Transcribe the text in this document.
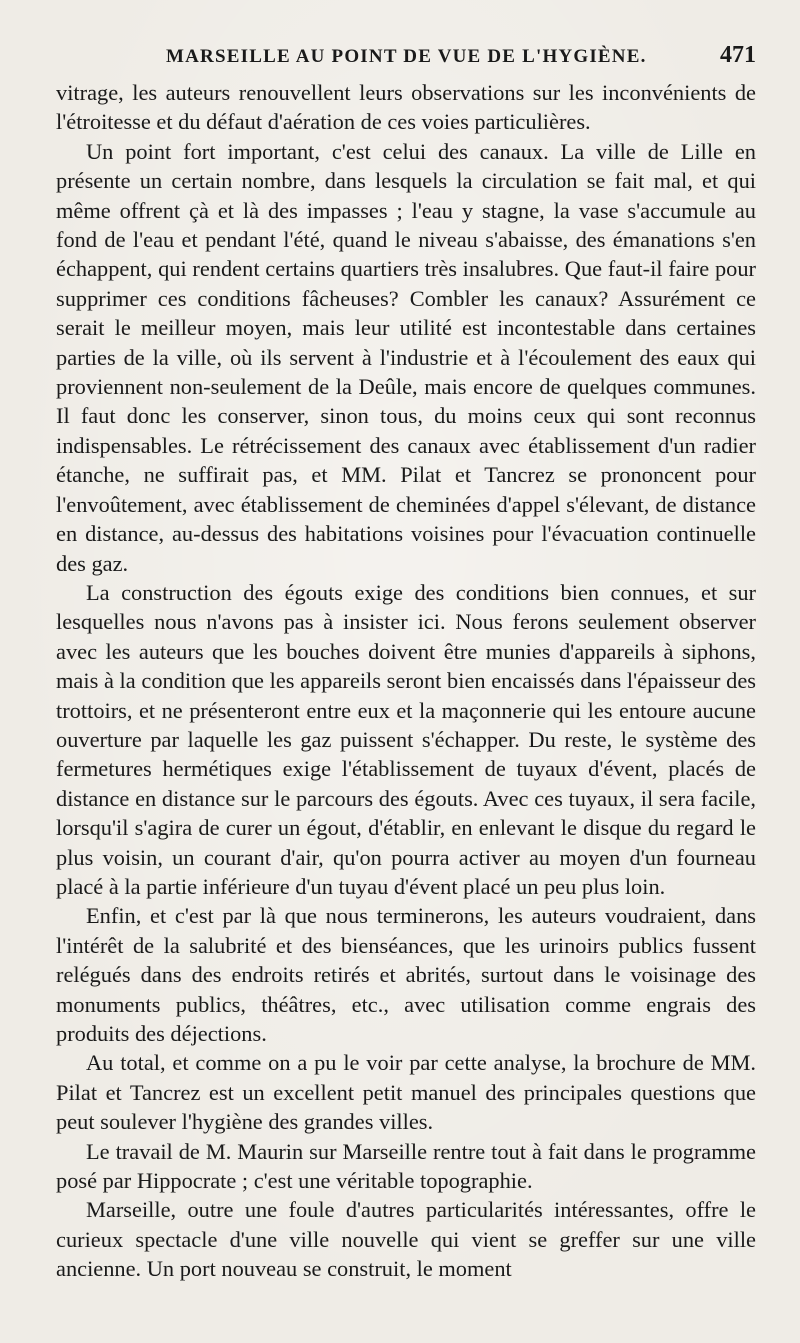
MARSEILLE AU POINT DE VUE DE L'HYGIÈNE.	471

vitrage, les auteurs renouvellent leurs observations sur les inconvénients de l'étroitesse et du défaut d'aération de ces voies particulières.

Un point fort important, c'est celui des canaux. La ville de Lille en présente un certain nombre, dans lesquels la circulation se fait mal, et qui même offrent çà et là des impasses ; l'eau y stagne, la vase s'accumule au fond de l'eau et pendant l'été, quand le niveau s'abaisse, des émanations s'en échappent, qui rendent certains quartiers très insalubres. Que faut-il faire pour supprimer ces conditions fâcheuses? Combler les canaux? Assurément ce serait le meilleur moyen, mais leur utilité est incontestable dans certaines parties de la ville, où ils servent à l'industrie et à l'écoulement des eaux qui proviennent non-seulement de la Deûle, mais encore de quelques communes. Il faut donc les conserver, sinon tous, du moins ceux qui sont reconnus indispensables. Le rétrécissement des canaux avec établissement d'un radier étanche, ne suffirait pas, et MM. Pilat et Tancrez se prononcent pour l'envoûtement, avec établissement de cheminées d'appel s'élevant, de distance en distance, au-dessus des habitations voisines pour l'évacuation continuelle des gaz.

La construction des égouts exige des conditions bien connues, et sur lesquelles nous n'avons pas à insister ici. Nous ferons seulement observer avec les auteurs que les bouches doivent être munies d'appareils à siphons, mais à la condition que les appareils seront bien encaissés dans l'épaisseur des trottoirs, et ne présenteront entre eux et la maçonnerie qui les entoure aucune ouverture par laquelle les gaz puissent s'échapper. Du reste, le système des fermetures hermétiques exige l'établissement de tuyaux d'évent, placés de distance en distance sur le parcours des égouts. Avec ces tuyaux, il sera facile, lorsqu'il s'agira de curer un égout, d'établir, en enlevant le disque du regard le plus voisin, un courant d'air, qu'on pourra activer au moyen d'un fourneau placé à la partie inférieure d'un tuyau d'évent placé un peu plus loin.

Enfin, et c'est par là que nous terminerons, les auteurs voudraient, dans l'intérêt de la salubrité et des bienséances, que les urinoirs publics fussent relégués dans des endroits retirés et abrités, surtout dans le voisinage des monuments publics, théâtres, etc., avec utilisation comme engrais des produits des déjections.

Au total, et comme on a pu le voir par cette analyse, la brochure de MM. Pilat et Tancrez est un excellent petit manuel des principales questions que peut soulever l'hygiène des grandes villes.

Le travail de M. Maurin sur Marseille rentre tout à fait dans le programme posé par Hippocrate ; c'est une véritable topographie.

Marseille, outre une foule d'autres particularités intéressantes, offre le curieux spectacle d'une ville nouvelle qui vient se greffer sur une ville ancienne. Un port nouveau se construit, le moment
